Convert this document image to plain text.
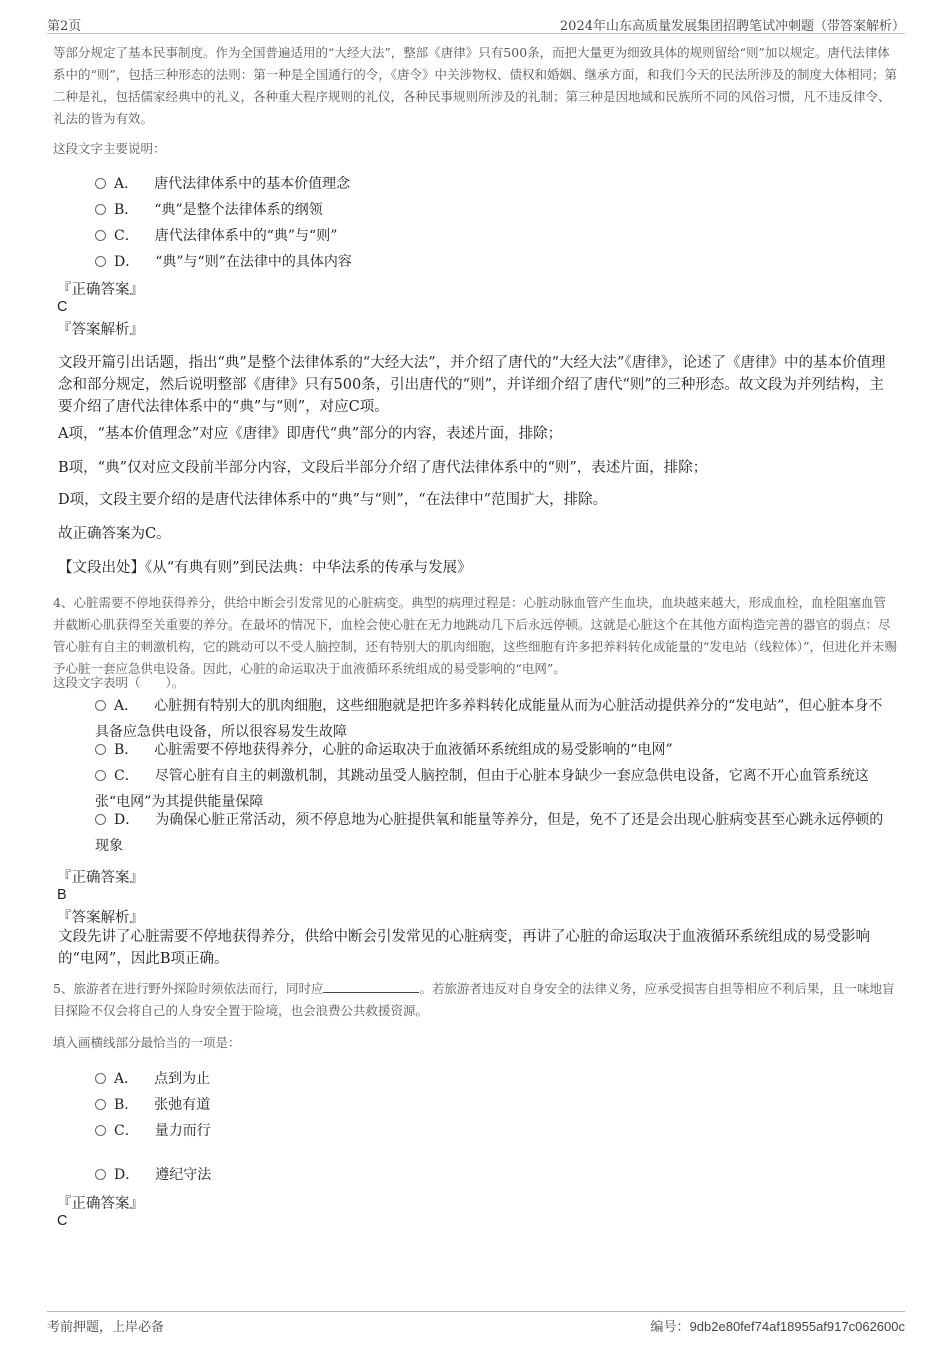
第2页	2024年山东高质量发展集团招聘笔试冲刺题（带答案解析）
等部分规定了基本民事制度。作为全国普遍适用的“大经大法”，整部《唐律》只有500条，而把大量更为细致具体的规则留给“则”加以规定。唐代法律体系中的“则”，包括三种形态的法则：第一种是全国通行的令，《唐令》中关涉物权、债权和婚姻、继承方面，和我们今天的民法所涉及的制度大体相同；第二种是礼，包括儒家经典中的礼义，各种重大程序规则的礼仪，各种民事规则所涉及的礼制；第三种是因地域和民族所不同的风俗习惯，凡不违反律令、礼法的皆为有效。
这段文字主要说明：
A． 唐代法律体系中的基本价值理念
B． “典”是整个法律体系的纲领
C． 唐代法律体系中的“典”与“则”
D． “典”与“则”在法律中的具体内容
『正确答案』
C
『答案解析』
文段开篇引出话题，指出“典”是整个法律体系的“大经大法”，并介绍了唐代的“大经大法”《唐律》，论述了《唐律》中的基本价值理念和部分规定，然后说明整部《唐律》只有500条，引出唐代的“则”，并详细介绍了唐代“则”的三种形态。故文段为并列结构，主要介绍了唐代法律体系中的“典”与“则”，对应C项。
A项，“基本价值理念”对应《唐律》即唐代“典”部分的内容，表述片面，排除；
B项，“典”仅对应文段前半部分内容，文段后半部分介绍了唐代法律体系中的“则”，表述片面，排除；
D项，文段主要介绍的是唐代法律体系中的“典”与“则”，“在法律中”范围扩大，排除。
故正确答案为C。
【文段出处】《从“有典有则”到民法典：中华法系的传承与发展》
4、心脏需要不停地获得养分，供给中断会引发常见的心脏病变。典型的病理过程是：心脏动脉血管产生血块，血块越来越大，形成血栓，血栓阻塞血管并截断心肌获得至关重要的养分。在最坏的情况下，血栓会使心脏在无力地跳动几下后永远停顿。这就是心脏这个在其他方面构造完善的器官的弱点：尽管心脏有自主的刺激机构，它的跳动可以不受人脑控制，还有特别大的肌肉细胞，这些细胞有许多把养料转化成能量的“发电站（线粒体）”，但进化并未赐予心脏一套应急供电设备。因此，心脏的命运取决于血液循环系统组成的易受影响的“电网”。
这段文字表明（　　）。
A． 心脏拥有特别大的肌肉细胞，这些细胞就是把许多养料转化成能量从而为心脏活动提供养分的“发电站”，但心脏本身不具备应急供电设备，所以很容易发生故障
B． 心脏需要不停地获得养分，心脏的命运取决于血液循环系统组成的易受影响的“电网”
C． 尽管心脏有自主的刺激机制，其跳动虽受人脑控制，但由于心脏本身缺少一套应急供电设备，它离不开心血管系统这张“电网”为其提供能量保障
D． 为确保心脏正常活动，须不停息地为心脏提供氧和能量等养分，但是，免不了还是会出现心脏病变甚至心跳永远停顿的现象
『正确答案』
B
『答案解析』
文段先讲了心脏需要不停地获得养分，供给中断会引发常见的心脏病变，再讲了心脏的命运取决于血液循环系统组成的易受影响的“电网”，因此B项正确。
5、旅游者在进行野外探险时须依法而行，同时应	。若旅游者违反对自身安全的法律义务，应承受损害自担等相应不利后果，且一味地盲目探险不仅会将自己的人身安全置于险境，也会浪费公共救援资源。
填入画横线部分最恰当的一项是：
A． 点到为止
B． 张弛有道
C． 量力而行
D． 遵纪守法
『正确答案』
C
考前押题，上岸必备	编号：9db2e80fef74af18955af917c062600c
